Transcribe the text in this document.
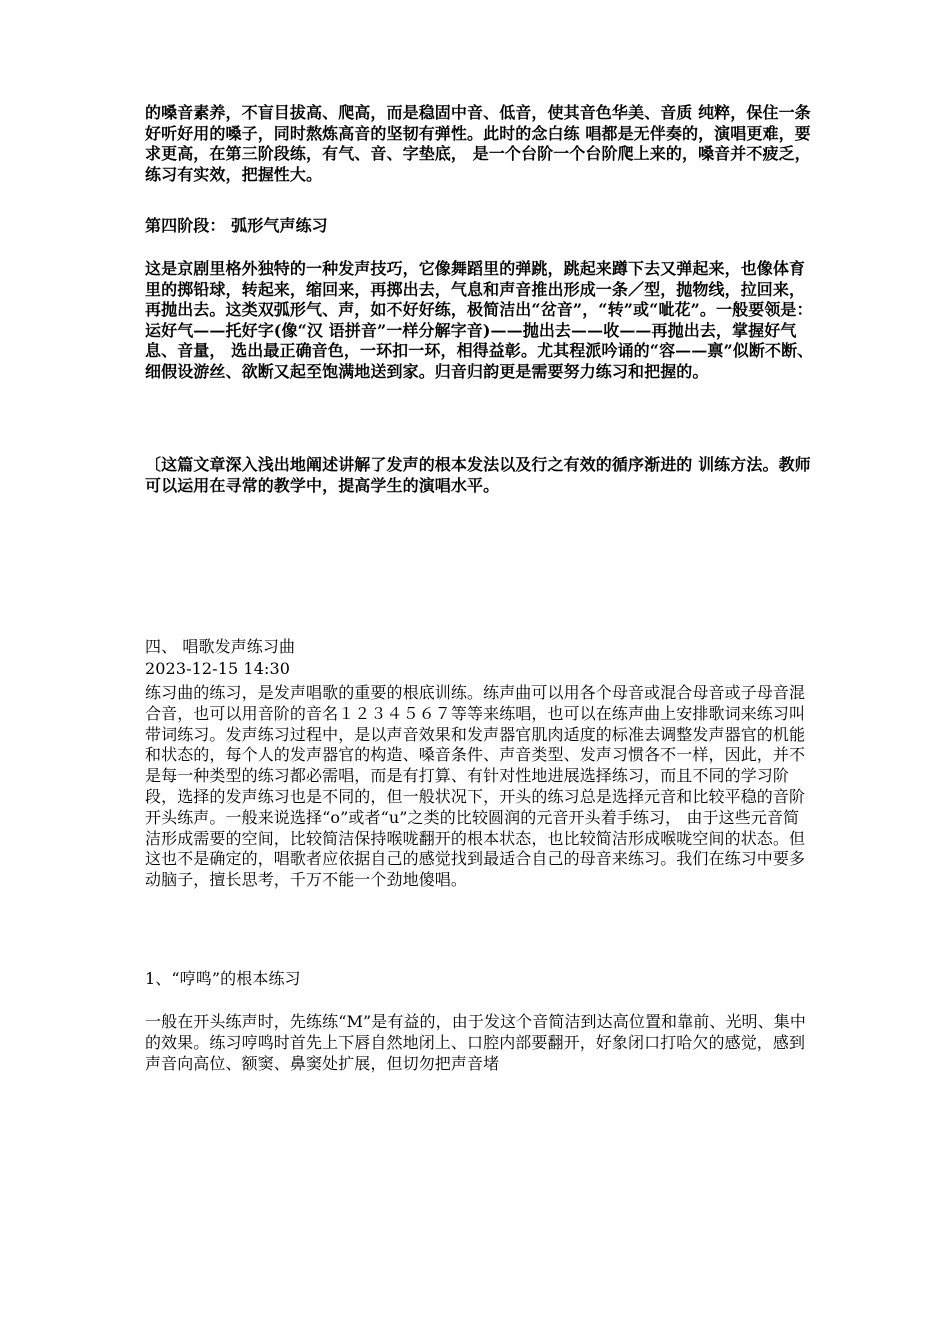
的嗓音素养，不盲目拔高、爬高，而是稳固中音、低音，使其音色华美、音质 纯粹，保住一条好听好用的嗓子，同时熬炼高音的坚韧有弹性。此时的念白练 唱都是无伴奏的，演唱更难，要求更高，在第三阶段练，有气、音、字垫底， 是一个台阶一个台阶爬上来的，嗓音并不疲乏，练习有实效，把握性大。

第四阶段： 弧形气声练习

这是京剧里格外独特的一种发声技巧，它像舞蹈里的弹跳，跳起来蹲下去又弹起来，也像体育里的掷铅球，转起来，缩回来，再掷出去，气息和声音推出形成一条／型，抛物线，拉回来，再抛出去。这类双弧形气、声，如不好好练，极简洁出“岔音”，“转”或“呲花”。一般要领是：运好气——托好字(像“汉 语拼音”一样分解字音)——抛出去——收——再抛出去，掌握好气息、音量， 选出最正确音色，一环扣一环，相得益彰。尤其程派吟诵的“容——禀”似断不断、细假设游丝、欲断又起至饱满地送到家。归音归韵更是需要努力练习和把握的。

〔这篇文章深入浅出地阐述讲解了发声的根本发法以及行之有效的循序渐进的 训练方法。教师可以运用在寻常的教学中，提高学生的演唱水平。

四、 唱歌发声练习曲

2023-12-15 14:30

练习曲的练习，是发声唱歌的重要的根底训练。练声曲可以用各个母音或混合母音或子母音混合音，也可以用音阶的音名１２３４５６７等等来练唱，也可以在练声曲上安排歌词来练习叫带词练习。发声练习过程中，是以声音效果和发声器官肌肉适度的标准去调整发声器官的机能和状态的，每个人的发声器官的构造、嗓音条件、声音类型、发声习惯各不一样，因此，并不是每一种类型的练习都必需唱，而是有打算、有针对性地进展选择练习，而且不同的学习阶段，选择的发声练习也是不同的，但一般状况下，开头的练习总是选择元音和比较平稳的音阶开头练声。一般来说选择“o”或者“u”之类的比较圆润的元音开头着手练习， 由于这些元音简洁形成需要的空间，比较简洁保持喉咙翻开的根本状态，也比较简洁形成喉咙空间的状态。但这也不是确定的，唱歌者应依据自己的感觉找到最适合自己的母音来练习。我们在练习中要多动脑子，擅长思考，千万不能一个劲地傻唱。

1、“哼鸣”的根本练习

一般在开头练声时，先练练“M”是有益的，由于发这个音简洁到达高位置和靠前、光明、集中的效果。练习哼鸣时首先上下唇自然地闭上、口腔内部要翻开，好象闭口打哈欠的感觉，感到声音向高位、额窦、鼻窦处扩展，但切勿把声音堵
